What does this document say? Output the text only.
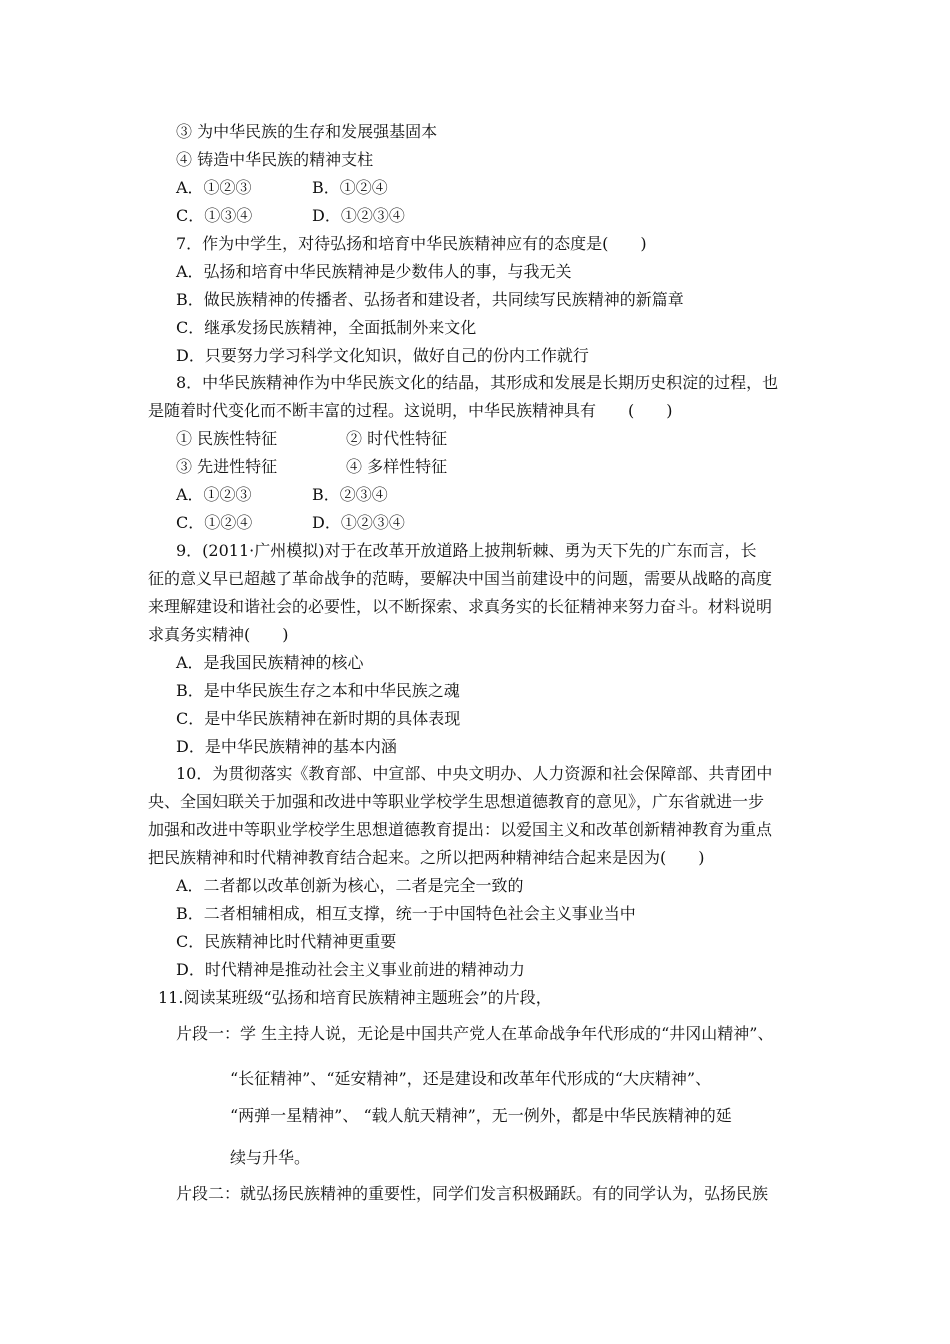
③ 为中华民族的生存和发展强基固本
④ 铸造中华民族的精神支柱
A．①②③	B．①②④
C．①③④	D．①②③④
7．作为中学生，对待弘扬和培育中华民族精神应有的态度是(　　)
A．弘扬和培育中华民族精神是少数伟人的事，与我无关
B．做民族精神的传播者、弘扬者和建设者，共同续写民族精神的新篇章
C．继承发扬民族精神，全面抵制外来文化
D．只要努力学习科学文化知识，做好自己的份内工作就行
8．中华民族精神作为中华民族文化的结晶，其形成和发展是长期历史积淀的过程，也
是随着时代变化而不断丰富的过程。这说明，中华民族精神具有　　(　　)
① 民族性特征	② 时代性特征
③ 先进性特征	④ 多样性特征
A．①②③	B．②③④
C．①②④	D．①②③④
9．(2011·广州模拟)对于在改革开放道路上披荆斩棘、勇为天下先的广东而言，长
征的意义早已超越了革命战争的范畴，要解决中国当前建设中的问题，需要从战略的高度
来理解建设和谐社会的必要性，以不断探索、求真务实的长征精神来努力奋斗。材料说明
求真务实精神(　　)
A．是我国民族精神的核心
B．是中华民族生存之本和中华民族之魂
C．是中华民族精神在新时期的具体表现
D．是中华民族精神的基本内涵
10．为贯彻落实《教育部、中宣部、中央文明办、人力资源和社会保障部、共青团中
央、全国妇联关于加强和改进中等职业学校学生思想道德教育的意见》，广东省就进一步
加强和改进中等职业学校学生思想道德教育提出：以爱国主义和改革创新精神教育为重点
把民族精神和时代精神教育结合起来。之所以把两种精神结合起来是因为(　　)
A．二者都以改革创新为核心，二者是完全一致的
B．二者相辅相成，相互支撑，统一于中国特色社会主义事业当中
C．民族精神比时代精神更重要
D．时代精神是推动社会主义事业前进的精神动力
11.阅读某班级“弘扬和培育民族精神主题班会”的片段，
片段一：学 生主持人说，无论是中国共产党人在革命战争年代形成的“井冈山精神”、
“长征精神”、“延安精神”，还是建设和改革年代形成的“大庆精神”、
“两弹一星精神”、 “载人航天精神”，无一例外，都是中华民族精神的延
续与升华。
片段二：就弘扬民族精神的重要性，同学们发言积极踊跃。有的同学认为，弘扬民族
